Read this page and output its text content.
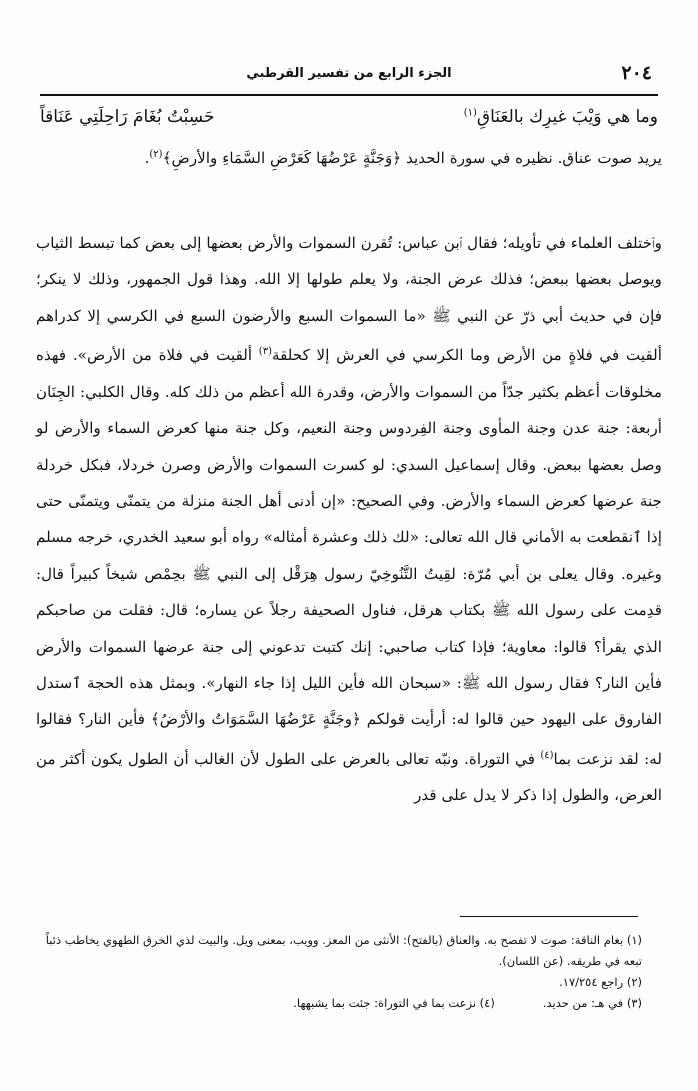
٢٠٤
الجزء الرابع من تفسير القرطبي
وما هي وَيْبَ غيرِك بالعَنَاقِ$^{(١)}$
حَسِبْتُ بُغَامَ رَاحِلَتِي عَنَاقاً

يريد صوت عناق. نظيره في سورة الحديد ﴿وَجَنَّةٍ عَرْضُهَا كَعَرْضِ السَّمَاءِ والأرضِ﴾$^{(٢)}$.

وٱختلف العلماء في تأويله؛ فقال ٱبن عباس: تُقرن السموات والأرض بعضها إلى بعض كما تبسط الثياب ويوصل بعضها ببعض؛ فذلك عرض الجنة، ولا يعلم طولها إلا الله. وهذا قول الجمهور، وذلك لا ينكر؛ فإن في حديث أبي ذرّ عن النبي ﷺ «ما السموات السبع والأرضون السبع في الكرسي إلا كدراهم ألقيت في فلاةٍ من الأرض وما الكرسي في العرش إلا كحلقة$^{(٣)}$ ألقيت في فلاة من الأرض». فهذه مخلوقات أعظم بكثير جدّاً من السموات والأرض، وقدرة الله أعظم من ذلك كله. وقال الكلبي: الجِنَان أربعة: جنة عدن وجنة المأوى وجنة الفِردوس وجنة النعيم، وكل جنة منها كعرض السماء والأرض لو وصل بعضها ببعض. وقال إسماعيل السدي: لو كسرت السموات والأرض وصرن خردلا، فبكل خردلة جنة عرضها كعرض السماء والأرض. وفي الصحيح: «إن أدنى أهل الجنة منزلة من يتمنّى ويتمنّى حتى إذا ٱنقطعت به الأماني قال الله تعالى: «لك ذلك وعشرة أمثاله» رواه أبو سعيد الخدري، خرجه مسلم وغيره. وقال يعلى بن أبي مُرّة: لقِيتُ التَّنُوخِيّ رسول هِرَقْل إلى النبي ﷺ بحِمْص شيخاً كبيراً قال: قدِمت على رسول الله ﷺ بكتاب هرقل، فناول الصحيفة رجلاً عن يساره؛ قال: فقلت من صاحبكم الذي يقرأ؟ قالوا: معاوية؛ فإذا كتاب صاحبي: إنك كتبت تدعوني إلى جنة عرضها السموات والأرض فأين النار؟ فقال رسول الله ﷺ: «سبحان الله فأين الليل إذا جاء النهار». وبمثل هذه الحجة ٱستدل الفاروق على اليهود حين قالوا له: أرأيت قولكم ﴿وجَنَّةٍ عَرْضُهَا السَّمَوَاتُ والأرْضُ﴾ فأين النار؟ فقالوا له: لقد نزعت بما$^{(٤)}$ في التوراة. ونبّه تعالى بالعرض على الطول لأن الغالب أن الطول يكون أكثر من العرض، والطول إذا ذكر لا يدل على قدر

(١) بغام الناقة: صوت لا تفصح به. والعناق (بالفتح): الأنثى من المعز. وويب، بمعنى ويل. والبيت لذي الخرق الطهوي يخاطب ذئباً تبعه في طريقه. (عن اللسان).
(٢) راجع ١٧/٢٥٤.
(٣) في هـ: من حديد.
(٤) نزعت بما في التوراة: جئت بما يشبهها.
